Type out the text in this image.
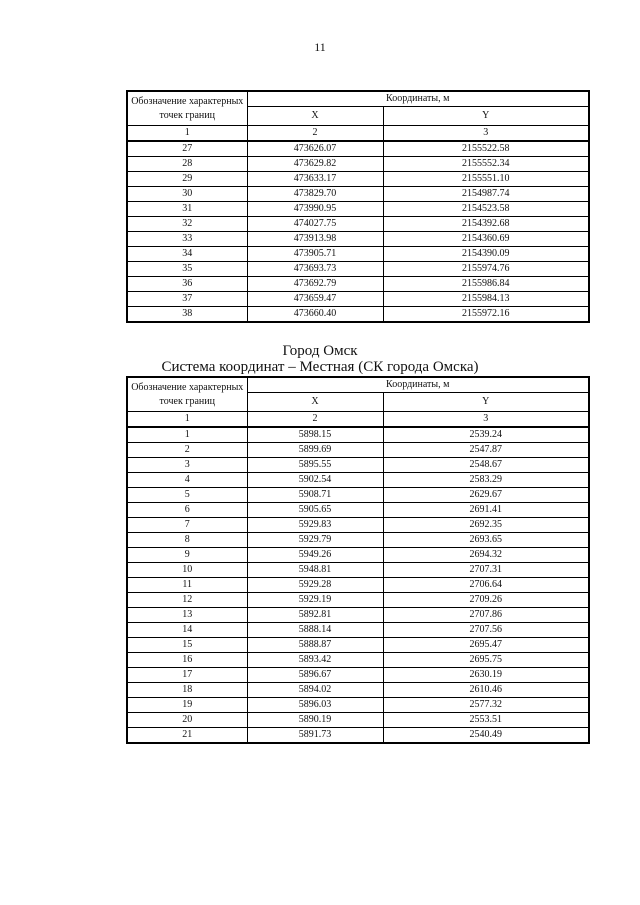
11
Обозначение характерных точек границ	Координаты, м	
	X	Y
1	2	3
27	473626.07	2155522.58
28	473629.82	2155552.34
29	473633.17	2155551.10
30	473829.70	2154987.74
31	473990.95	2154523.58
32	474027.75	2154392.68
33	473913.98	2154360.69
34	473905.71	2154390.09
35	473693.73	2155974.76
36	473692.79	2155986.84
37	473659.47	2155984.13
38	473660.40	2155972.16
Город Омск
Система координат – Местная (СК города Омска)
Обозначение характерных точек границ	Координаты, м	
	X	Y
1	2	3
1	5898.15	2539.24
2	5899.69	2547.87
3	5895.55	2548.67
4	5902.54	2583.29
5	5908.71	2629.67
6	5905.65	2691.41
7	5929.83	2692.35
8	5929.79	2693.65
9	5949.26	2694.32
10	5948.81	2707.31
11	5929.28	2706.64
12	5929.19	2709.26
13	5892.81	2707.86
14	5888.14	2707.56
15	5888.87	2695.47
16	5893.42	2695.75
17	5896.67	2630.19
18	5894.02	2610.46
19	5896.03	2577.32
20	5890.19	2553.51
21	5891.73	2540.49
